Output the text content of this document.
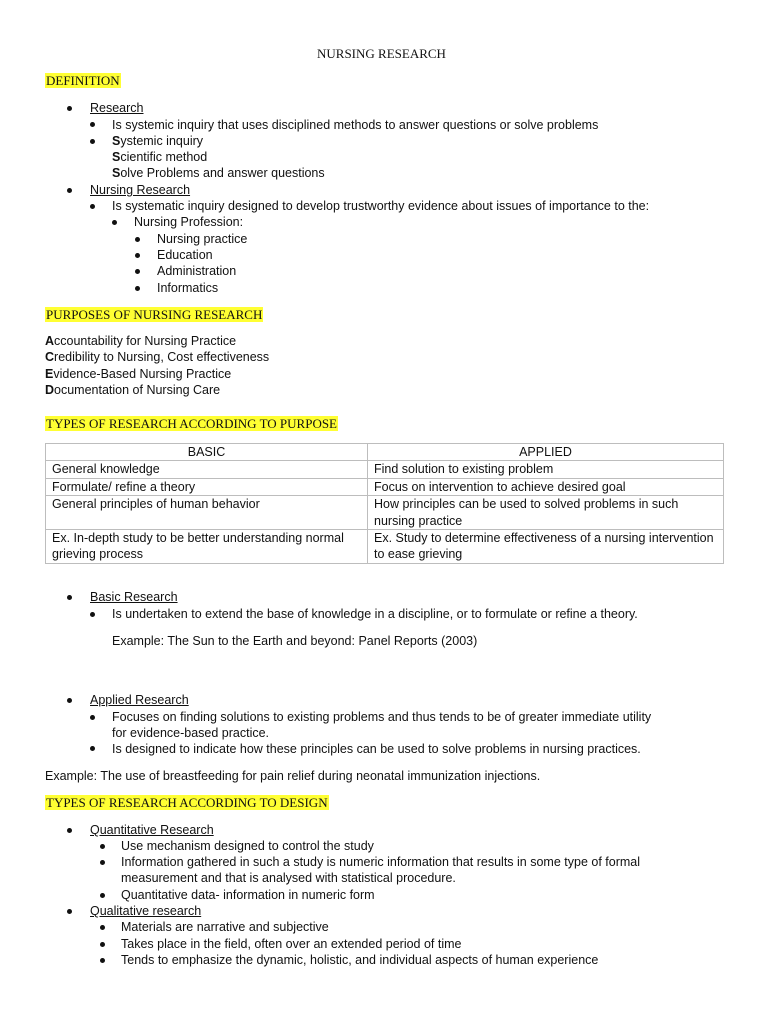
NURSING RESEARCH
DEFINITION
Research
Is systemic inquiry that uses disciplined methods to answer questions or solve problems
Systemic inquiry
Scientific method
Solve Problems and answer questions
Nursing Research
Is systematic inquiry designed to develop trustworthy evidence about issues of importance to the:
Nursing Profession:
Nursing practice
Education
Administration
Informatics
PURPOSES OF NURSING RESEARCH
Accountability for Nursing Practice
Credibility to Nursing, Cost effectiveness
Evidence-Based Nursing Practice
Documentation of Nursing Care
TYPES OF RESEARCH ACCORDING TO PURPOSE
BASIC	APPLIED
General knowledge	Find solution to existing problem
Formulate/ refine a theory	Focus on intervention to achieve desired goal
General principles of human behavior	How principles can be used to solved problems in such nursing practice
Ex. In-depth study to be better understanding normal grieving process	Ex. Study to determine effectiveness of a nursing intervention to ease grieving
Basic Research
Is undertaken to extend the base of knowledge in a discipline, or to formulate or refine a theory.
Example: The Sun to the Earth and beyond: Panel Reports (2003)
Applied Research
Focuses on finding solutions to existing problems and thus tends to be of greater immediate utility
for evidence-based practice.
Is designed to indicate how these principles can be used to solve problems in nursing practices.
Example: The use of breastfeeding for pain relief during neonatal immunization injections.
TYPES OF RESEARCH ACCORDING TO DESIGN
Quantitative Research
Use mechanism designed to control the study
Information gathered in such a study is numeric information that results in some type of formal
measurement and that is analysed with statistical procedure.
Quantitative data- information in numeric form
Qualitative research
Materials are narrative and subjective
Takes place in the field, often over an extended period of time
Tends to emphasize the dynamic, holistic, and individual aspects of human experience
